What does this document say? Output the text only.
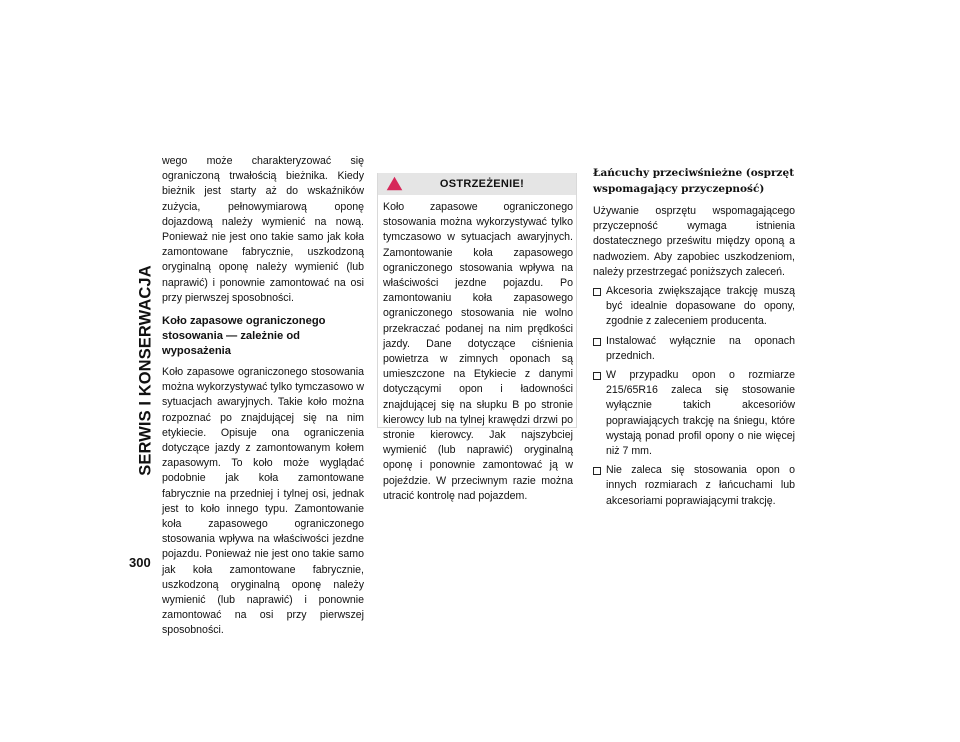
SERWIS I KONSERWACJA
300

wego może charakteryzować się ograniczoną trwałością bieżnika. Kiedy bieżnik jest starty aż do wskaźników zużycia, pełnowymiarową oponę dojazdową należy wymienić na nową. Ponieważ nie jest ono takie samo jak koła zamontowane fabrycznie, uszkodzoną oryginalną oponę należy wymienić (lub naprawić) i ponownie zamontować na osi przy pierwszej sposobności.

Koło zapasowe ograniczonego stosowania — zależnie od wyposażenia

Koło zapasowe ograniczonego stosowania można wykorzystywać tylko tymczasowo w sytuacjach awaryjnych. Takie koło można rozpoznać po znajdującej się na nim etykiecie. Opisuje ona ograniczenia dotyczące jazdy z zamontowanym kołem zapasowym. To koło może wyglądać podobnie jak koła zamontowane fabrycznie na przedniej i tylnej osi, jednak jest to koło innego typu. Zamontowanie koła zapasowego ograniczonego stosowania wpływa na właściwości jezdne pojazdu. Ponieważ nie jest ono takie samo jak koła zamontowane fabrycznie, uszkodzoną oryginalną oponę należy wymienić (lub naprawić) i ponownie zamontować na osi przy pierwszej sposobności.

OSTRZEŻENIE!
Koło zapasowe ograniczonego stosowania można wykorzystywać tylko tymczasowo w sytuacjach awaryjnych. Zamontowanie koła zapasowego ograniczonego stosowania wpływa na właściwości jezdne pojazdu. Po zamontowaniu koła zapasowego ograniczonego stosowania nie wolno przekraczać podanej na nim prędkości jazdy. Dane dotyczące ciśnienia powietrza w zimnych oponach są umieszczone na Etykiecie z danymi dotyczącymi opon i ładowności znajdującej się na słupku B po stronie kierowcy lub na tylnej krawędzi drzwi po stronie kierowcy. Jak najszybciej wymienić (lub naprawić) oryginalną oponę i ponownie zamontować ją w pojeździe. W przeciwnym razie można utracić kontrolę nad pojazdem.
Łańcuchy przeciwśnieżne (osprzęt wspomagający przyczepność)

Używanie osprzętu wspomagającego przyczepność wymaga istnienia dostatecznego prześwitu między oponą a nadwoziem. Aby zapobiec uszkodzeniom, należy przestrzegać poniższych zaleceń.

Akcesoria zwiększające trakcję muszą być idealnie dopasowane do opony, zgodnie z zaleceniem producenta.
Instalować wyłącznie na oponach przednich.
W przypadku opon o rozmiarze 215/65R16 zaleca się stosowanie wyłącznie takich akcesoriów poprawiających trakcję na śniegu, które wystają ponad profil opony o nie więcej niż 7 mm.
Nie zaleca się stosowania opon o innych rozmiarach z łańcuchami lub akcesoriami poprawiającymi trakcję.
